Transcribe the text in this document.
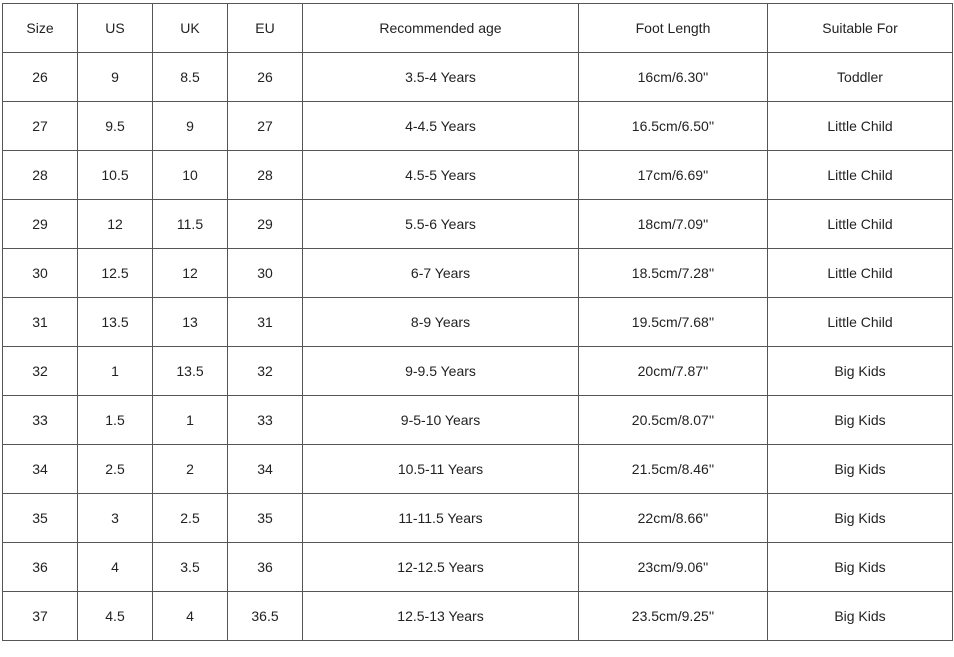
Size	US	UK	EU	Recommended age	Foot Length	Suitable For
26	9	8.5	26	3.5-4 Years	16cm/6.30''	Toddler
27	9.5	9	27	4-4.5 Years	16.5cm/6.50''	Little Child
28	10.5	10	28	4.5-5 Years	17cm/6.69''	Little Child
29	12	11.5	29	5.5-6 Years	18cm/7.09''	Little Child
30	12.5	12	30	6-7 Years	18.5cm/7.28''	Little Child
31	13.5	13	31	8-9 Years	19.5cm/7.68''	Little Child
32	1	13.5	32	9-9.5 Years	20cm/7.87''	Big Kids
33	1.5	1	33	9-5-10 Years	20.5cm/8.07''	Big Kids
34	2.5	2	34	10.5-11 Years	21.5cm/8.46''	Big Kids
35	3	2.5	35	11-11.5 Years	22cm/8.66''	Big Kids
36	4	3.5	36	12-12.5 Years	23cm/9.06''	Big Kids
37	4.5	4	36.5	12.5-13 Years	23.5cm/9.25''	Big Kids
